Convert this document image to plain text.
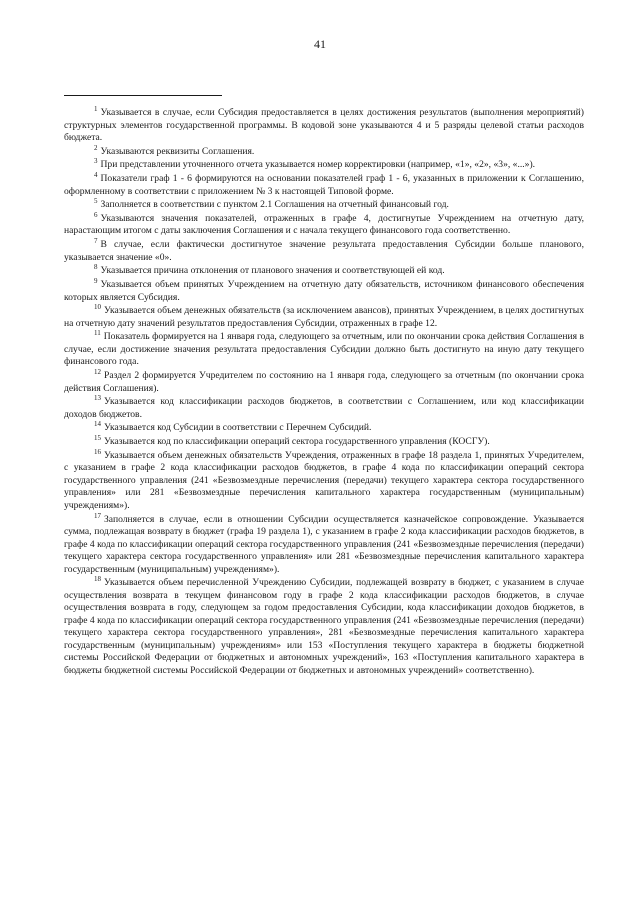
41

$^1$ Указывается в случае, если Субсидия предоставляется в целях достижения результатов (выполнения мероприятий) структурных элементов государственной программы. В кодовой зоне указываются 4 и 5 разряды целевой статьи расходов бюджета.

$^2$ Указываются реквизиты Соглашения.

$^3$ При представлении уточненного отчета указывается номер корректировки (например, «1», «2», «3», «...»).

$^4$ Показатели граф 1 - 6 формируются на основании показателей граф 1 - 6, указанных в приложении к Соглашению, оформленному в соответствии с приложением № 3 к настоящей Типовой форме.

$^5$ Заполняется в соответствии с пунктом 2.1 Соглашения на отчетный финансовый год.

$^6$ Указываются значения показателей, отраженных в графе 4, достигнутые Учреждением на отчетную дату, нарастающим итогом с даты заключения Соглашения и с начала текущего финансового года соответственно.

$^7$ В случае, если фактически достигнутое значение результата предоставления Субсидии больше планового, указывается значение «0».

$^8$ Указывается причина отклонения от планового значения и соответствующей ей код.

$^9$ Указывается объем принятых Учреждением на отчетную дату обязательств, источником финансового обеспечения которых является Субсидия.

$^{10}$ Указывается объем денежных обязательств (за исключением авансов), принятых Учреждением, в целях достигнутых на отчетную дату значений результатов предоставления Субсидии, отраженных в графе 12.

$^{11}$ Показатель формируется на 1 января года, следующего за отчетным, или по окончании срока действия Соглашения в случае, если достижение значения результата предоставления Субсидии должно быть достигнуто на иную дату текущего финансового года.

$^{12}$ Раздел 2 формируется Учредителем по состоянию на 1 января года, следующего за отчетным (по окончании срока действия Соглашения).

$^{13}$ Указывается код классификации расходов бюджетов, в соответствии с Соглашением, или код классификации доходов бюджетов.

$^{14}$ Указывается код Субсидии в соответствии с Перечнем Субсидий.

$^{15}$ Указывается код по классификации операций сектора государственного управления (КОСГУ).

$^{16}$ Указывается объем денежных обязательств Учреждения, отраженных в графе 18 раздела 1, принятых Учредителем, с указанием в графе 2 кода классификации расходов бюджетов, в графе 4 кода по классификации операций сектора государственного управления (241 «Безвозмездные перечисления (передачи) текущего характера сектора государственного управления» или 281 «Безвозмездные перечисления капитального характера государственным (муниципальным) учреждениям»).

$^{17}$ Заполняется в случае, если в отношении Субсидии осуществляется казначейское сопровождение. Указывается сумма, подлежащая возврату в бюджет (графа 19 раздела 1), с указанием в графе 2 кода классификации расходов бюджетов, в графе 4 кода по классификации операций сектора государственного управления (241 «Безвозмездные перечисления (передачи) текущего характера сектора государственного управления» или 281 «Безвозмездные перечисления капитального характера государственным (муниципальным) учреждениям»).

$^{18}$ Указывается объем перечисленной Учреждению Субсидии, подлежащей возврату в бюджет, с указанием в случае осуществления возврата в текущем финансовом году в графе 2 кода классификации расходов бюджетов, в случае осуществления возврата в году, следующем за годом предоставления Субсидии, кода классификации доходов бюджетов, в графе 4 кода по классификации операций сектора государственного управления (241 «Безвозмездные перечисления (передачи) текущего характера сектора государственного управления», 281 «Безвозмездные перечисления капитального характера государственным (муниципальным) учреждениям» или 153 «Поступления текущего характера в бюджеты бюджетной системы Российской Федерации от бюджетных и автономных учреждений», 163 «Поступления капитального характера в бюджеты бюджетной системы Российской Федерации от бюджетных и автономных учреждений» соответственно).
